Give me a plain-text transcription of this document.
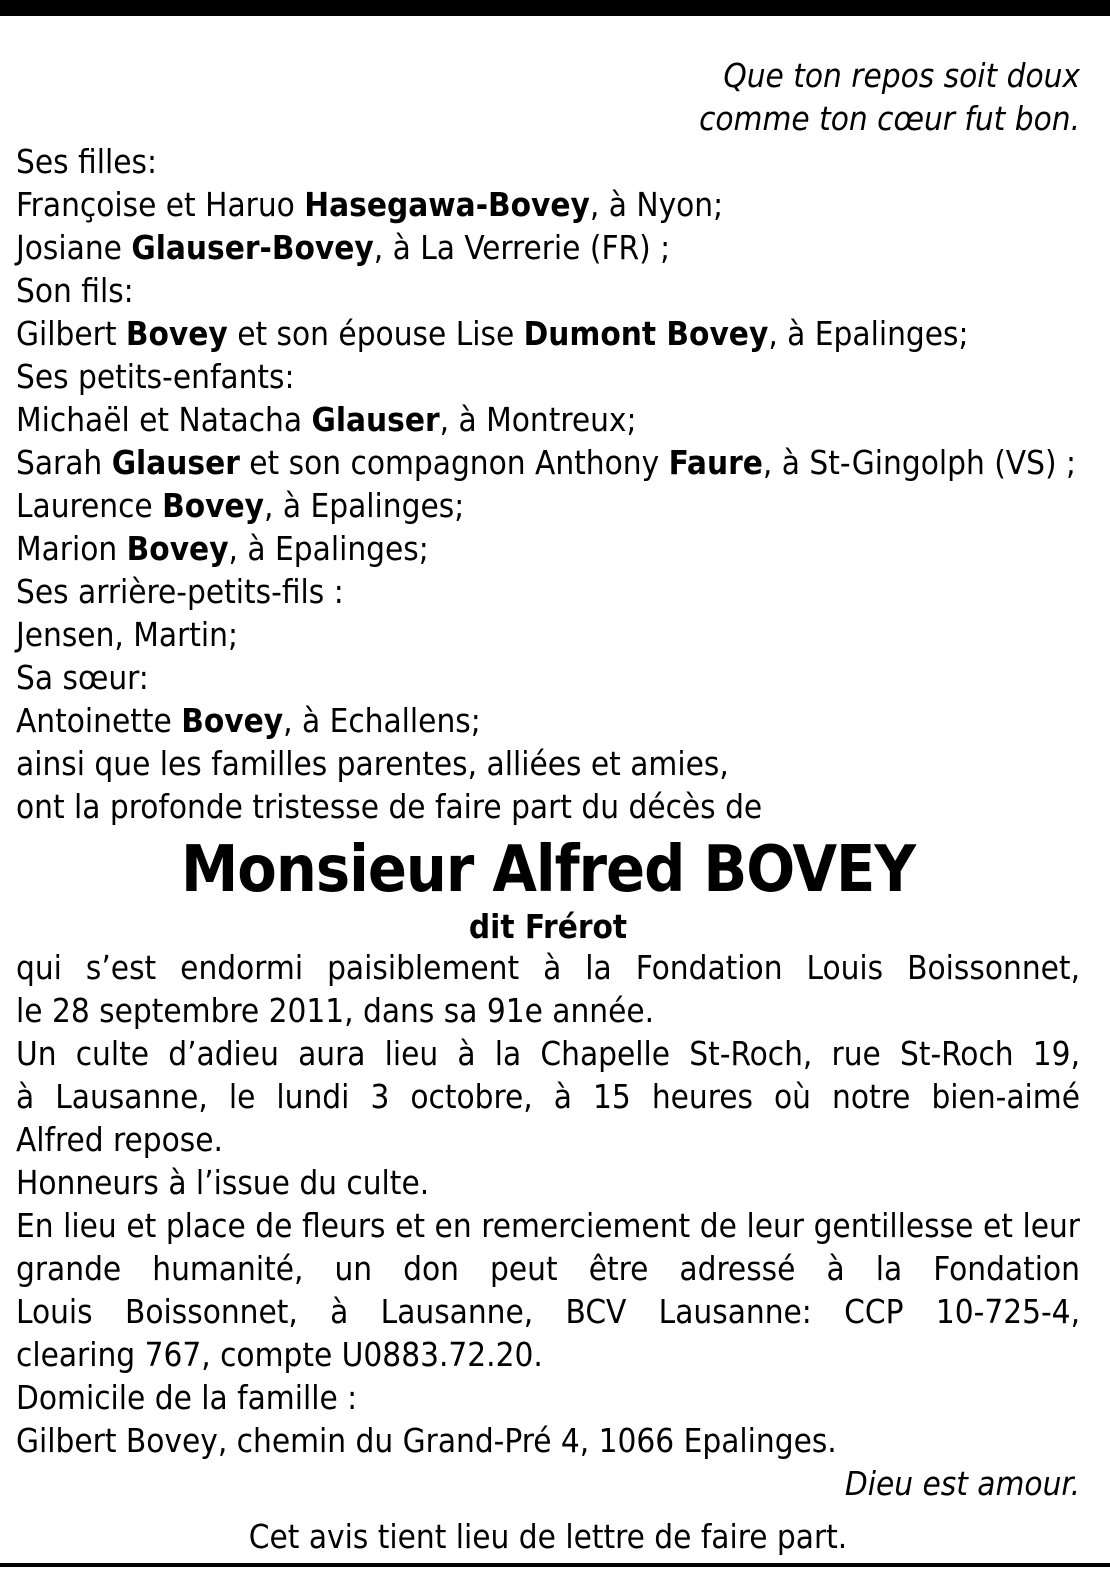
Que ton repos soit doux
comme ton cœur fut bon.
Ses filles:
Françoise et Haruo Hasegawa-Bovey, à Nyon;
Josiane Glauser-Bovey, à La Verrerie (FR) ;
Son fils:
Gilbert Bovey et son épouse Lise Dumont Bovey, à Epalinges;
Ses petits-enfants:
Michaël et Natacha Glauser, à Montreux;
Sarah Glauser et son compagnon Anthony Faure, à St-Gingolph (VS) ;
Laurence Bovey, à Epalinges;
Marion Bovey, à Epalinges;
Ses arrière-petits-fils :
Jensen, Martin;
Sa sœur:
Antoinette Bovey, à Echallens;
ainsi que les familles parentes, alliées et amies,
ont la profonde tristesse de faire part du décès de
Monsieur Alfred BOVEY
dit Frérot
qui s’est endormi paisiblement à la Fondation Louis Boissonnet,
le 28 septembre 2011, dans sa 91e année.
Un culte d’adieu aura lieu à la Chapelle St-Roch, rue St-Roch 19,
à Lausanne, le lundi 3 octobre, à 15 heures où notre bien-aimé
Alfred repose.
Honneurs à l’issue du culte.
En lieu et place de fleurs et en remerciement de leur gentillesse et leur
grande humanité, un don peut être adressé à la Fondation
Louis Boissonnet, à Lausanne, BCV Lausanne: CCP 10-725-4,
clearing 767, compte U0883.72.20.
Domicile de la famille :
Gilbert Bovey, chemin du Grand-Pré 4, 1066 Epalinges.
Dieu est amour.
Cet avis tient lieu de lettre de faire part.
